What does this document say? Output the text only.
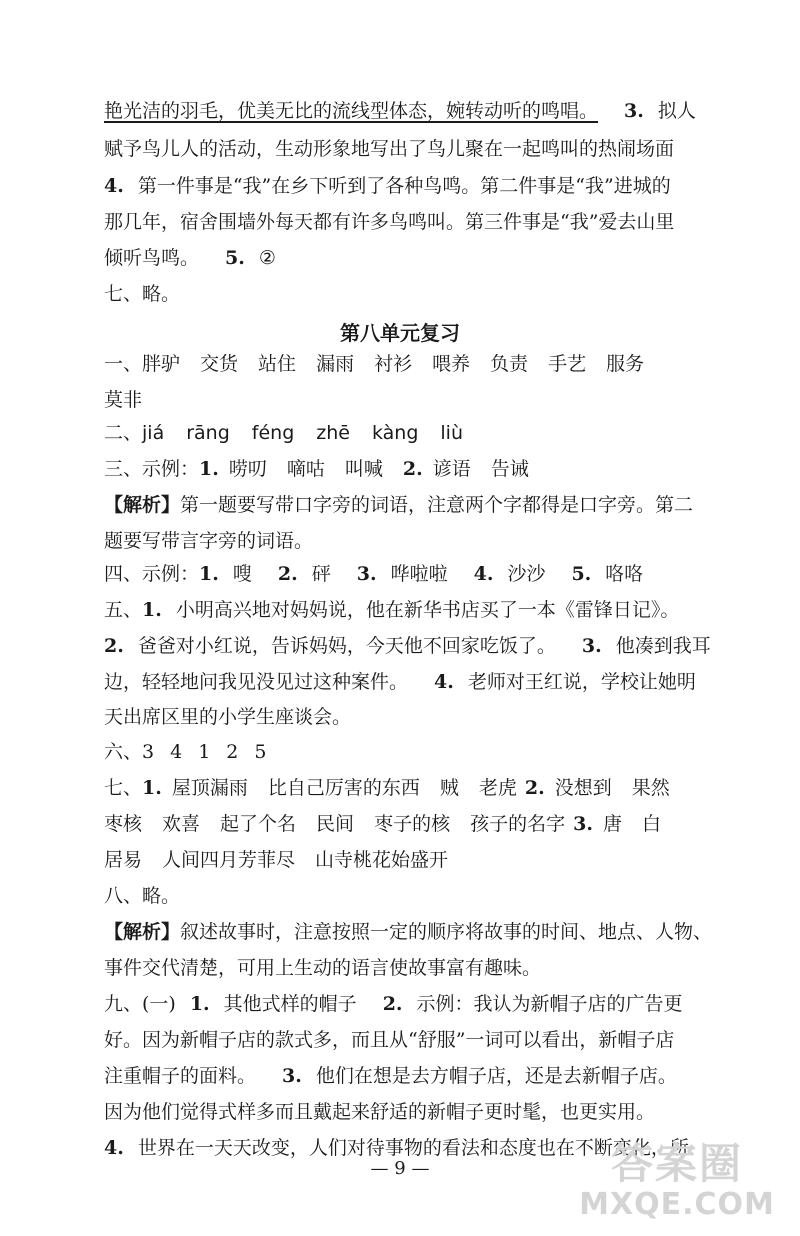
艳光洁的羽毛，优美无比的流线型体态，婉转动听的鸣唱。 3. 拟人
赋予鸟儿人的活动，生动形象地写出了鸟儿聚在一起鸣叫的热闹场面
4. 第一件事是“我”在乡下听到了各种鸟鸣。第二件事是“我”进城的
那几年，宿舍围墙外每天都有许多鸟鸣叫。第三件事是“我”爱去山里
倾听鸟鸣。 5. ②
七、略。
第八单元复习
一、胖驴 交货 站住 漏雨 衬衫 喂养 负责 手艺 服务
莫非
二、jiá rāng féng zhē kàng liù
三、示例：1. 唠叨 嘀咕 叫喊 2. 谚语 告诫
【解析】第一题要写带口字旁的词语，注意两个字都得是口字旁。第二
题要写带言字旁的词语。
四、示例：1. 嗖 2. 砰 3. 哗啦啦 4. 沙沙 5. 咯咯
五、1. 小明高兴地对妈妈说，他在新华书店买了一本《雷锋日记》。
2. 爸爸对小红说，告诉妈妈，今天他不回家吃饭了。 3. 他凑到我耳
边，轻轻地问我见没见过这种案件。 4. 老师对王红说，学校让她明
天出席区里的小学生座谈会。
六、3 4 1 2 5
七、1. 屋顶漏雨 比自己厉害的东西 贼 老虎 2. 没想到 果然
枣核 欢喜 起了个名 民间 枣子的核 孩子的名字 3. 唐 白
居易 人间四月芳菲尽 山寺桃花始盛开
八、略。
【解析】叙述故事时，注意按照一定的顺序将故事的时间、地点、人物、
事件交代清楚，可用上生动的语言使故事富有趣味。
九、(一) 1. 其他式样的帽子 2. 示例：我认为新帽子店的广告更
好。因为新帽子店的款式多，而且从“舒服”一词可以看出，新帽子店
注重帽子的面料。 3. 他们在想是去方帽子店，还是去新帽子店。
因为他们觉得式样多而且戴起来舒适的新帽子更时髦，也更实用。
4. 世界在一天天改变，人们对待事物的看法和态度也在不断变化，所
— 9 —	答案圈
MXQE.COM
